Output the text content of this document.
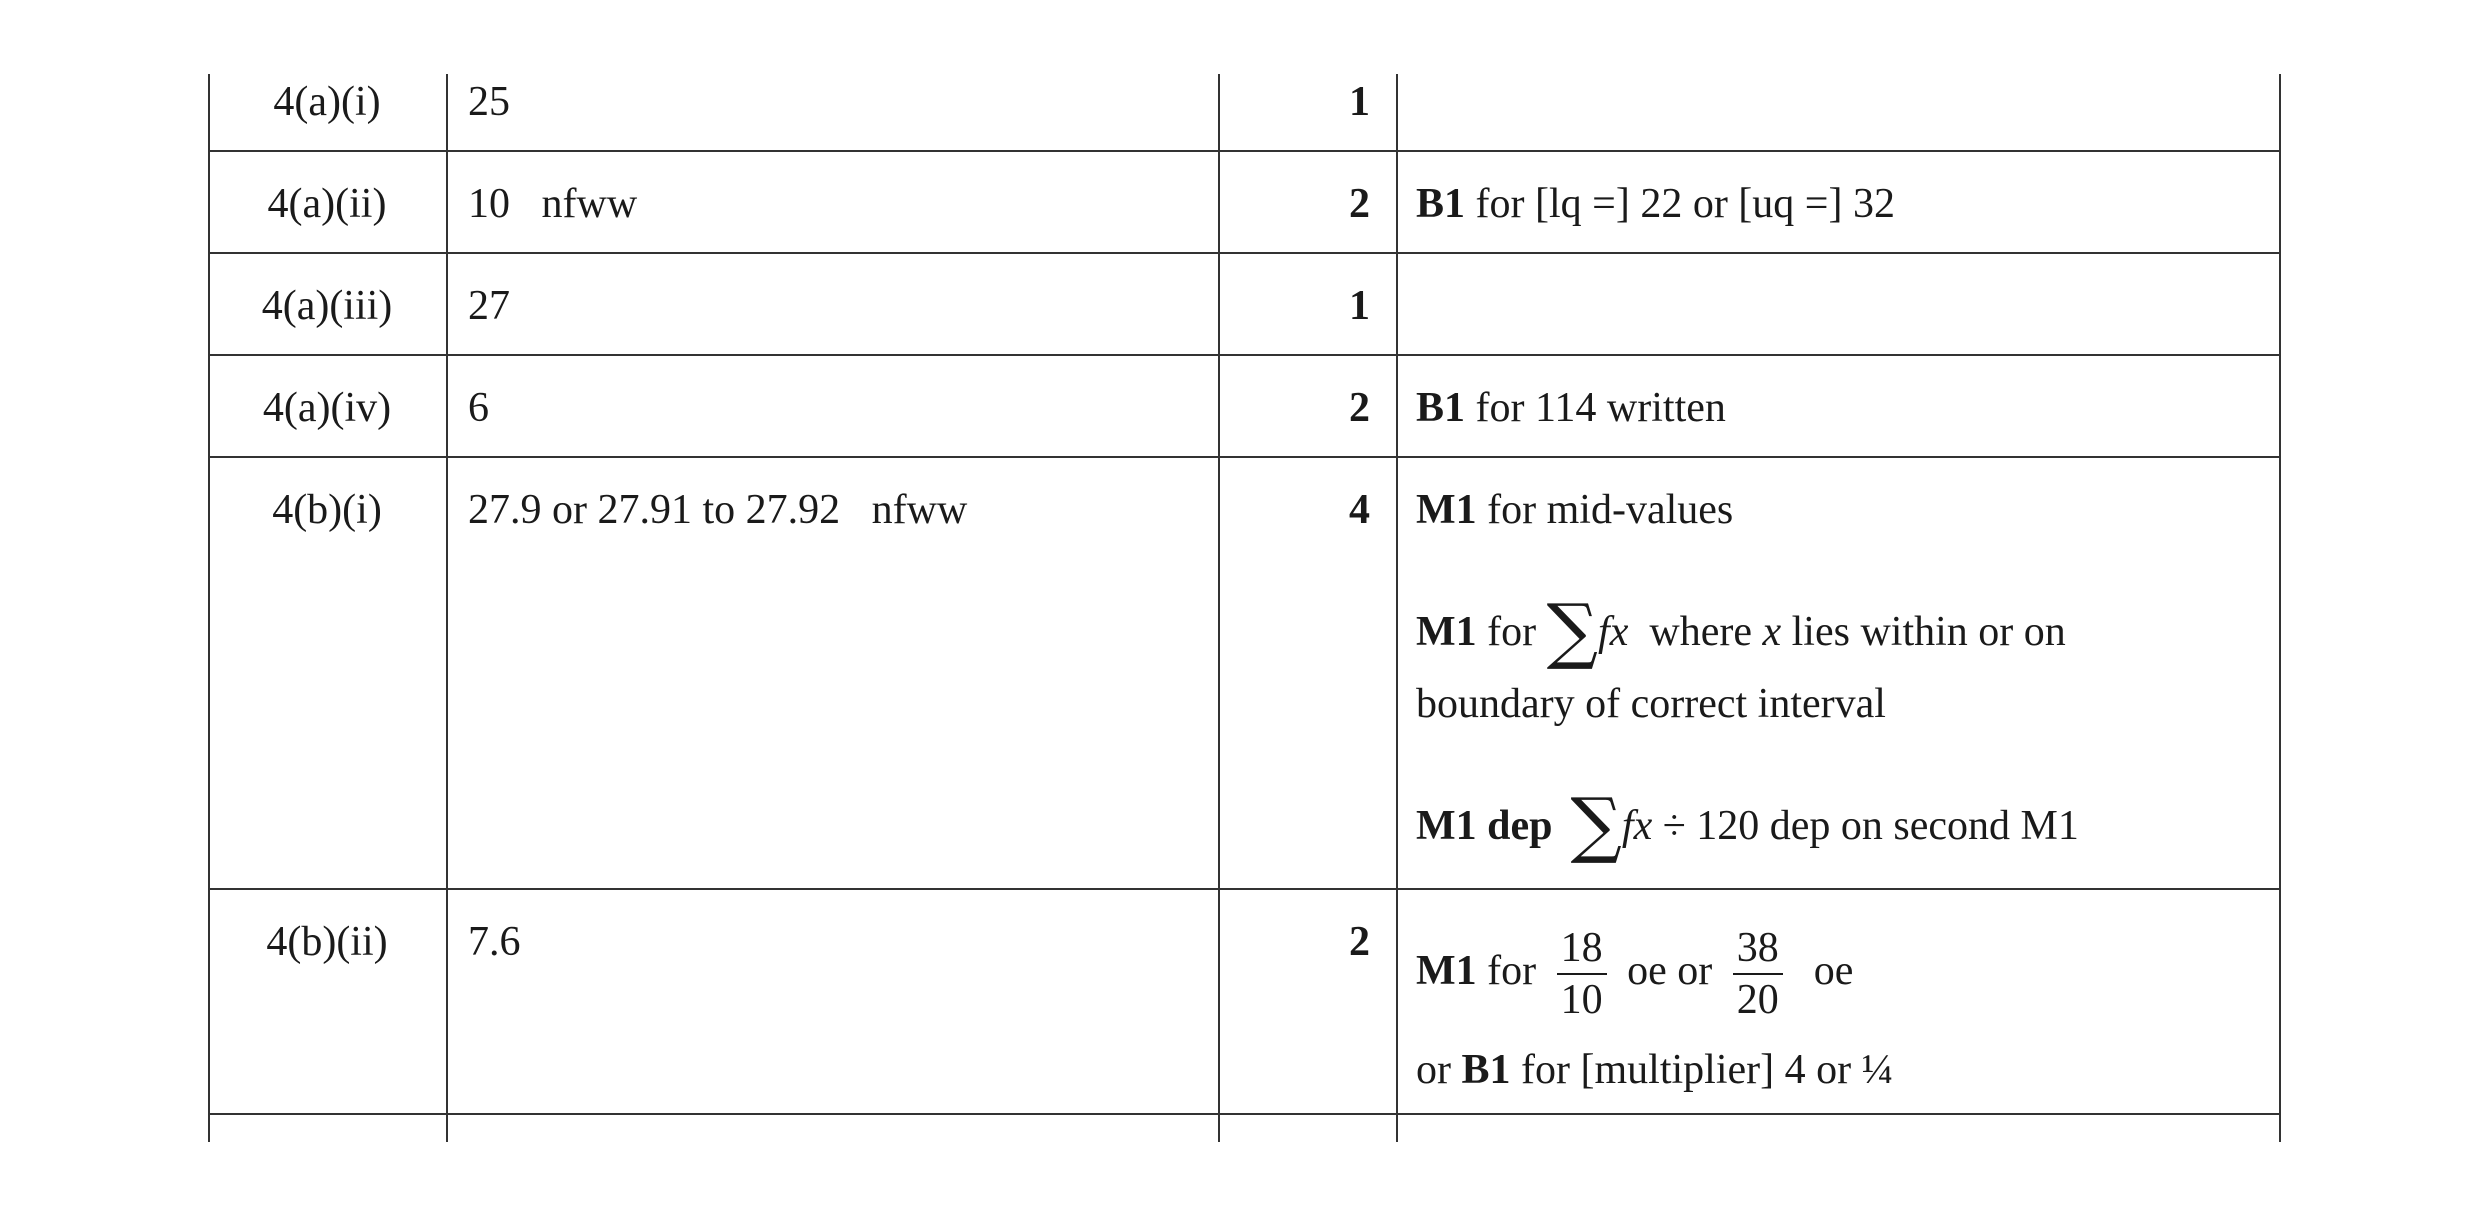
4(a)(i)	25	1
4(a)(ii)	10   nfww	2 B1 for [lq =] 22 or [uq =] 32
4(a)(iii)	27	1
4(a)(iv)	6	2 B1 for 114 written
4(b)(i)	27.9 or 27.91 to 27.92   nfww	4 M1 for mid-values
M1 for ∑fx  where x lies within or on
boundary of correct interval
M1 dep ∑fx ÷ 120 dep on second M1
4(b)(ii)	7.6	2
M1 for $\frac{18}{10}$ oe or $\frac{38}{20}$ oe
or B1 for [multiplier] 4 or ¼
